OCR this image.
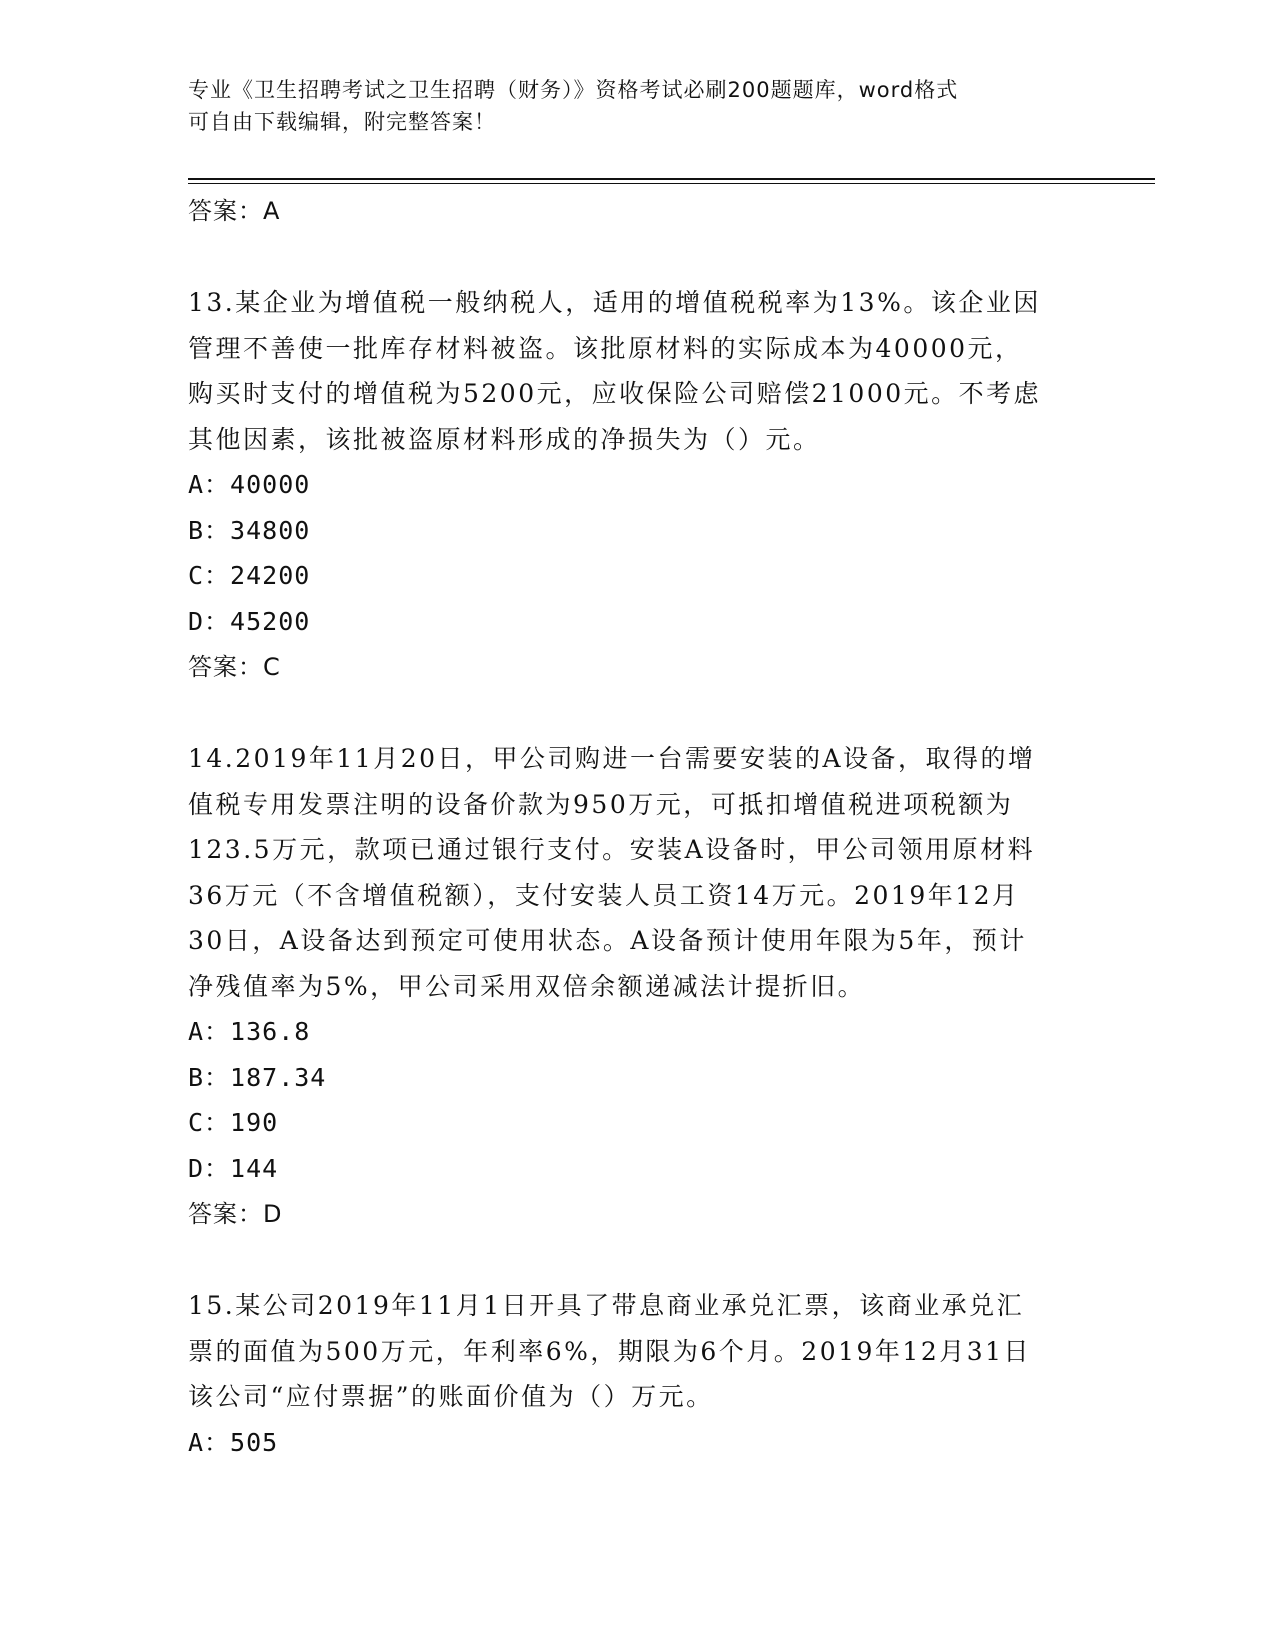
专业《卫生招聘考试之卫生招聘（财务）》资格考试必刷200题题库，word格式
可自由下载编辑，附完整答案！
答案：A
13.某企业为增值税一般纳税人，适用的增值税税率为13%。该企业因
管理不善使一批库存材料被盗。该批原材料的实际成本为40000元，
购买时支付的增值税为5200元，应收保险公司赔偿21000元。不考虑
其他因素，该批被盗原材料形成的净损失为（）元。
A：40000
B：34800
C：24200
D：45200
答案：C
14.2019年11月20日，甲公司购进一台需要安装的A设备，取得的增
值税专用发票注明的设备价款为950万元，可抵扣增值税进项税额为
123.5万元，款项已通过银行支付。安装A设备时，甲公司领用原材料
36万元（不含增值税额），支付安装人员工资14万元。2019年12月
30日，A设备达到预定可使用状态。A设备预计使用年限为5年，预计
净残值率为5%，甲公司采用双倍余额递减法计提折旧。
A：136.8
B：187.34
C：190
D：144
答案：D
15.某公司2019年11月1日开具了带息商业承兑汇票，该商业承兑汇
票的面值为500万元，年利率6%，期限为6个月。2019年12月31日
该公司“应付票据”的账面价值为（）万元。
A：505
